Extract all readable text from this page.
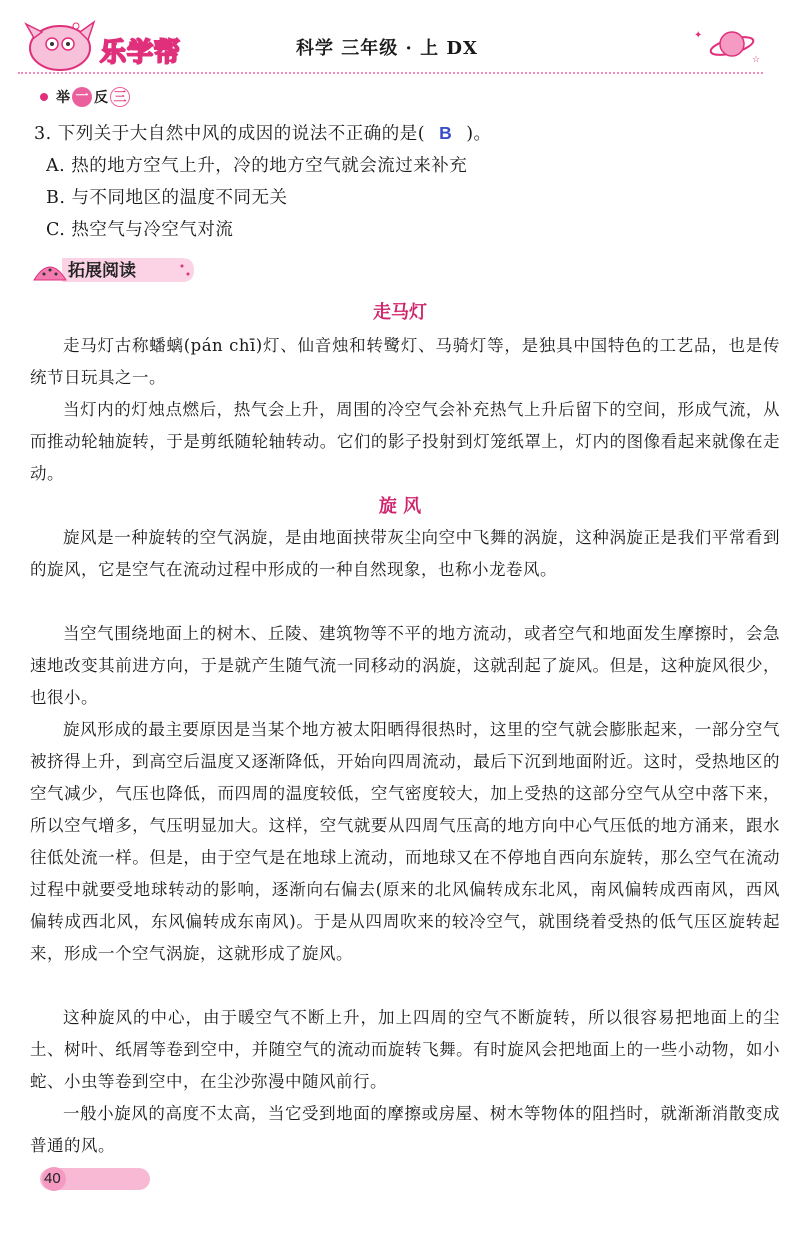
乐学帮	科学 三年级 · 上 DX
✦
☆
举 一 反 三
3. 下列关于大自然中风的成因的说法不正确的是( B )。
A. 热的地方空气上升，冷的地方空气就会流过来补充
B. 与不同地区的温度不同无关
C. 热空气与冷空气对流
拓展阅读
走马灯
走马灯古称蟠螭(pán chī)灯、仙音烛和转鹭灯、马骑灯等，是独具中国特色的工艺品，也是传统节日玩具之一。
当灯内的灯烛点燃后，热气会上升，周围的冷空气会补充热气上升后留下的空间，形成气流，从而推动轮轴旋转，于是剪纸随轮轴转动。它们的影子投射到灯笼纸罩上，灯内的图像看起来就像在走动。
旋 风
旋风是一种旋转的空气涡旋，是由地面挟带灰尘向空中飞舞的涡旋，这种涡旋正是我们平常看到的旋风，它是空气在流动过程中形成的一种自然现象，也称小龙卷风。
当空气围绕地面上的树木、丘陵、建筑物等不平的地方流动，或者空气和地面发生摩擦时，会急速地改变其前进方向，于是就产生随气流一同移动的涡旋，这就刮起了旋风。但是，这种旋风很少，也很小。
旋风形成的最主要原因是当某个地方被太阳晒得很热时，这里的空气就会膨胀起来，一部分空气被挤得上升，到高空后温度又逐渐降低，开始向四周流动，最后下沉到地面附近。这时，受热地区的空气减少，气压也降低，而四周的温度较低，空气密度较大，加上受热的这部分空气从空中落下来，所以空气增多，气压明显加大。这样，空气就要从四周气压高的地方向中心气压低的地方涌来，跟水往低处流一样。但是，由于空气是在地球上流动，而地球又在不停地自西向东旋转，那么空气在流动过程中就要受地球转动的影响，逐渐向右偏去(原来的北风偏转成东北风，南风偏转成西南风，西风偏转成西北风，东风偏转成东南风)。于是从四周吹来的较冷空气，就围绕着受热的低气压区旋转起来，形成一个空气涡旋，这就形成了旋风。
这种旋风的中心，由于暖空气不断上升，加上四周的空气不断旋转，所以很容易把地面上的尘土、树叶、纸屑等卷到空中，并随空气的流动而旋转飞舞。有时旋风会把地面上的一些小动物，如小蛇、小虫等卷到空中，在尘沙弥漫中随风前行。
一般小旋风的高度不太高，当它受到地面的摩擦或房屋、树木等物体的阻挡时，就渐渐消散变成普通的风。
40
